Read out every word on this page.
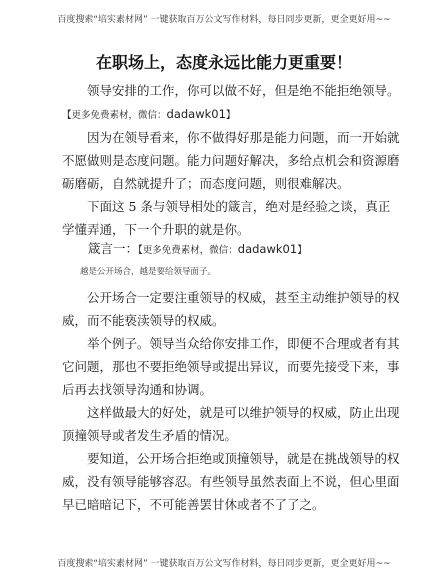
百度搜索“培实素材网” 一键获取百万公文写作材料，每日同步更新，更全更好用~~
在职场上，态度永远比能力更重要！

领导安排的工作，你可以做不好，但是绝不能拒绝领导。

【更多免费素材，微信：dadawk01】

因为在领导看来，你不做得好那是能力问题，而一开始就
不愿做则是态度问题。能力问题好解决，多给点机会和资源磨
砺磨砺，自然就提升了；而态度问题，则很难解决。

下面这 5 条与领导相处的箴言，绝对是经验之谈，真正
学懂弄通，下一个升职的就是你。

箴言一：【更多免费素材，微信：dadawk01】
越是公开场合，越是要给领导面子。

公开场合一定要注重领导的权威，甚至主动维护领导的权
威，而不能亵渎领导的权威。

举个例子。领导当众给你安排工作，即便不合理或者有其
它问题，那也不要拒绝领导或提出异议，而要先接受下来，事
后再去找领导沟通和协调。

这样做最大的好处，就是可以维护领导的权威，防止出现
顶撞领导或者发生矛盾的情况。

要知道，公开场合拒绝或顶撞领导，就是在挑战领导的权
威，没有领导能够容忍。有些领导虽然表面上不说，但心里面
早已暗暗记下，不可能善罢甘休或者不了了之。

百度搜索“培实素材网” 一键获取百万公文写作材料，每日同步更新，更全更好用~~
